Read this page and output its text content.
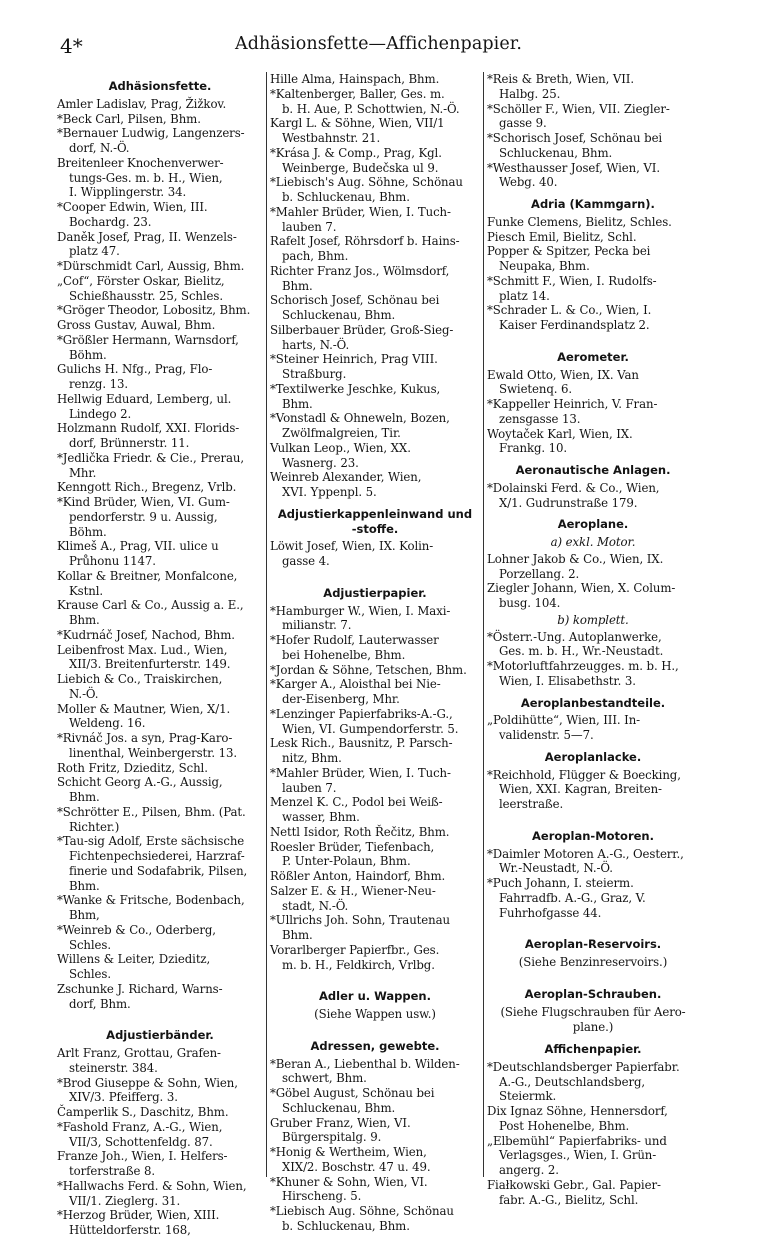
4*	Adhäsionsfette—Affichenpapier.
Adhäsionsfette.
Amler Ladislav, Prag, Žižkov.
*Beck Carl, Pilsen, Bhm.
*Bernauer Ludwig, Langenzers-
dorf, N.-Ö.
Breitenleer Knochenverwer-
tungs-Ges. m. b. H., Wien,
I. Wipplingerstr. 34.
*Cooper Edwin, Wien, III.
Bochardg. 23.
Daněk Josef, Prag, II. Wenzels-
platz 47.
*Dürschmidt Carl, Aussig, Bhm.
„Cof“, Förster Oskar, Bielitz,
Schießhausstr. 25, Schles.
*Gröger Theodor, Lobositz, Bhm.
Gross Gustav, Auwal, Bhm.
*Größler Hermann, Warnsdorf,
Böhm.
Gulichs H. Nfg., Prag, Flo-
renzg. 13.
Hellwig Eduard, Lemberg, ul.
Lindego 2.
Holzmann Rudolf, XXI. Florids-
dorf, Brünnerstr. 11.
*Jedlička Friedr. & Cie., Prerau,
Mhr.
Kenngott Rich., Bregenz, Vrlb.
*Kind Brüder, Wien, VI. Gum-
pendorferstr. 9 u. Aussig,
Böhm.
Klimeš A., Prag, VII. ulice u
Průhonu 1147.
Kollar & Breitner, Monfalcone,
Kstnl.
Krause Carl & Co., Aussig a. E.,
Bhm.
*Kudrnáč Josef, Nachod, Bhm.
Leibenfrost Max. Lud., Wien,
XII/3. Breitenfurterstr. 149.
Liebich & Co., Traiskirchen,
N.-Ö.
Moller & Mautner, Wien, X/1.
Weldeng. 16.
*Rivnáč Jos. a syn, Prag-Karo-
linenthal, Weinbergerstr. 13.
Roth Fritz, Dzieditz, Schl.
Schicht Georg A.-G., Aussig,
Bhm.
*Schrötter E., Pilsen, Bhm. (Pat.
Richter.)
*Tau-sig Adolf, Erste sächsische
Fichtenpechsiederei, Harzraf-
finerie und Sodafabrik, Pilsen,
Bhm.
*Wanke & Fritsche, Bodenbach,
Bhm,
*Weinreb & Co., Oderberg,
Schles.
Willens & Leiter, Dzieditz,
Schles.
Zschunke J. Richard, Warns-
dorf, Bhm.
Adjustierbänder.
Arlt Franz, Grottau, Grafen-
steinerstr. 384.
*Brod Giuseppe & Sohn, Wien,
XIV/3. Pfeifferg. 3.
Čamperlik S., Daschitz, Bhm.
*Fashold Franz, A.-G., Wien,
VII/3, Schottenfeldg. 87.
Franze Joh., Wien, I. Helfers-
torferstraße 8.
*Hallwachs Ferd. & Sohn, Wien,
VII/1. Zieglerg. 31.
*Herzog Brüder, Wien, XIII.
Hütteldorferstr. 168,
Hille Alma, Hainspach, Bhm.
*Kaltenberger, Baller, Ges. m.
b. H. Aue, P. Schottwien, N.-Ö.
Kargl L. & Söhne, Wien, VII/1
Westbahnstr. 21.
*Krása J. & Comp., Prag, Kgl.
Weinberge, Budečska ul 9.
*Liebisch's Aug. Söhne, Schönau
b. Schluckenau, Bhm.
*Mahler Brüder, Wien, I. Tuch-
lauben 7.
Rafelt Josef, Röhrsdorf b. Hains-
pach, Bhm.
Richter Franz Jos., Wölmsdorf,
Bhm.
Schorisch Josef, Schönau bei
Schluckenau, Bhm.
Silberbauer Brüder, Groß-Sieg-
harts, N.-Ö.
*Steiner Heinrich, Prag VIII.
Straßburg.
*Textilwerke Jeschke, Kukus,
Bhm.
*Vonstadl & Ohneweln, Bozen,
Zwölfmalgreien, Tir.
Vulkan Leop., Wien, XX.
Wasnerg. 23.
Weinreb Alexander, Wien,
XVI. Yppenpl. 5.
Adjustierkappenleinwand und
-stoffe.
Löwit Josef, Wien, IX. Kolin-
gasse 4.
Adjustierpapier.
*Hamburger W., Wien, I. Maxi-
milianstr. 7.
*Hofer Rudolf, Lauterwasser
bei Hohenelbe, Bhm.
*Jordan & Söhne, Tetschen, Bhm.
*Karger A., Aloisthal bei Nie-
der-Eisenberg, Mhr.
*Lenzinger Papierfabriks-A.-G.,
Wien, VI. Gumpendorferstr. 5.
Lesk Rich., Bausnitz, P. Parsch-
nitz, Bhm.
*Mahler Brüder, Wien, I. Tuch-
lauben 7.
Menzel K. C., Podol bei Weiß-
wasser, Bhm.
Nettl Isidor, Roth Řečitz, Bhm.
Roesler Brüder, Tiefenbach,
P. Unter-Polaun, Bhm.
Rößler Anton, Haindorf, Bhm.
Salzer E. & H., Wiener-Neu-
stadt, N.-Ö.
*Ullrichs Joh. Sohn, Trautenau
Bhm.
Vorarlberger Papierfbr., Ges.
m. b. H., Feldkirch, Vrlbg.
Adler u. Wappen.
(Siehe Wappen usw.)
Adressen, gewebte.
*Beran A., Liebenthal b. Wilden-
schwert, Bhm.
*Göbel August, Schönau bei
Schluckenau, Bhm.
Gruber Franz, Wien, VI.
Bürgerspitalg. 9.
*Honig & Wertheim, Wien,
XIX/2. Boschstr. 47 u. 49.
*Khuner & Sohn, Wien, VI.
Hirscheng. 5.
*Liebisch Aug. Söhne, Schönau
b. Schluckenau, Bhm.
*Reis & Breth, Wien, VII.
Halbg. 25.
*Schöller F., Wien, VII. Ziegler-
gasse 9.
*Schorisch Josef, Schönau bei
Schluckenau, Bhm.
*Westhausser Josef, Wien, VI.
Webg. 40.
Adria (Kammgarn).
Funke Clemens, Bielitz, Schles.
Piesch Emil, Bielitz, Schl.
Popper & Spitzer, Pecka bei
Neupaka, Bhm.
*Schmitt F., Wien, I. Rudolfs-
platz 14.
*Schrader L. & Co., Wien, I.
Kaiser Ferdinandsplatz 2.
Aerometer.
Ewald Otto, Wien, IX. Van
Swietenq. 6.
*Kappeller Heinrich, V. Fran-
zensgasse 13.
Woytaček Karl, Wien, IX.
Frankg. 10.
Aeronautische Anlagen.
*Dolainski Ferd. & Co., Wien,
X/1. Gudrunstraße 179.
Aeroplane.
a) exkl. Motor.
Lohner Jakob & Co., Wien, IX.
Porzellang. 2.
Ziegler Johann, Wien, X. Colum-
busg. 104.
b) komplett.
*Österr.-Ung. Autoplanwerke,
Ges. m. b. H., Wr.-Neustadt.
*Motorluftfahrzeugges. m. b. H.,
Wien, I. Elisabethstr. 3.
Aeroplanbestandteile.
„Poldihütte“, Wien, III. In-
validenstr. 5—7.
Aeroplanlacke.
*Reichhold, Flügger & Boecking,
Wien, XXI. Kagran, Breiten-
leerstraße.
Aeroplan-Motoren.
*Daimler Motoren A.-G., Oesterr.,
Wr.-Neustadt, N.-Ö.
*Puch Johann, I. steierm.
Fahrradfb. A.-G., Graz, V.
Fuhrhofgasse 44.
Aeroplan-Reservoirs.
(Siehe Benzinreservoirs.)
Aeroplan-Schrauben.
(Siehe Flugschrauben für Aero-
plane.)
Affichenpapier.
*Deutschlandsberger Papierfabr.
A.-G., Deutschlandsberg,
Steiermk.
Dix Ignaz Söhne, Hennersdorf,
Post Hohenelbe, Bhm.
„Elbemühl“ Papierfabriks- und
Verlagsges., Wien, I. Grün-
angerg. 2.
Fiałkowski Gebr., Gal. Papier-
fabr. A.-G., Bielitz, Schl.
